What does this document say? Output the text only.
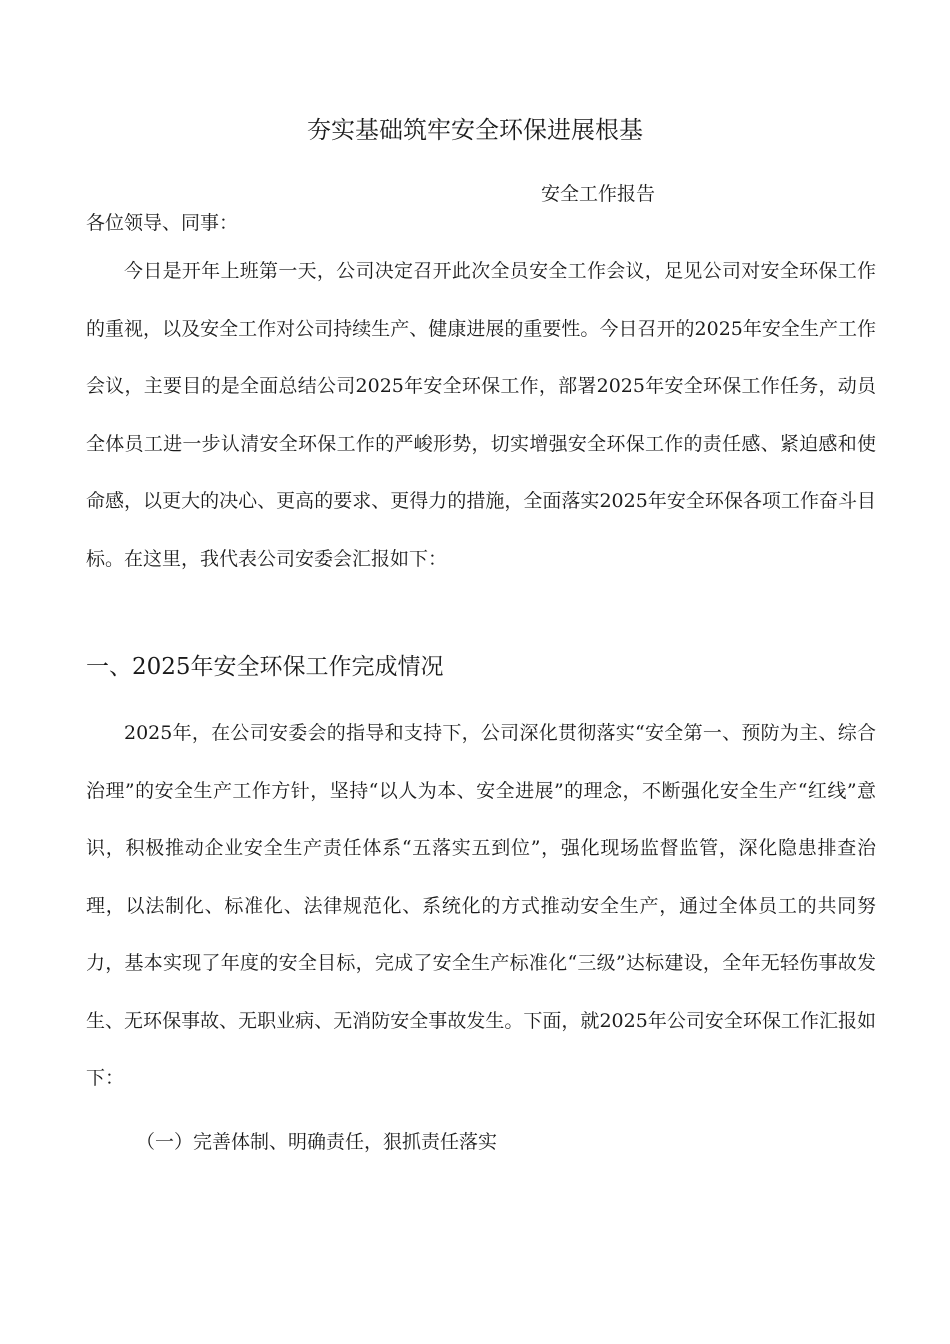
夯实基础筑牢安全环保进展根基
安全工作报告
各位领导、同事：

今日是开年上班第一天，公司决定召开此次全员安全工作会议，足见公司对安全环保工作的重视，以及安全工作对公司持续生产、健康进展的重要性。今日召开的2025年安全生产工作会议，主要目的是全面总结公司2025年安全环保工作，部署2025年安全环保工作任务，动员全体员工进一步认清安全环保工作的严峻形势，切实增强安全环保工作的责任感、紧迫感和使命感，以更大的决心、更高的要求、更得力的措施，全面落实2025年安全环保各项工作奋斗目标。在这里，我代表公司安委会汇报如下：

一、2025年安全环保工作完成情况

2025年，在公司安委会的指导和支持下，公司深化贯彻落实“安全第一、预防为主、综合治理”的安全生产工作方针，坚持“以人为本、安全进展”的理念，不断强化安全生产“红线”意识，积极推动企业安全生产责任体系“五落实五到位”，强化现场监督监管，深化隐患排查治理，以法制化、标准化、法律规范化、系统化的方式推动安全生产，通过全体员工的共同努力，基本实现了年度的安全目标，完成了安全生产标准化“三级”达标建设，全年无轻伤事故发生、无环保事故、无职业病、无消防安全事故发生。下面，就2025年公司安全环保工作汇报如下：

（一）完善体制、明确责任，狠抓责任落实
